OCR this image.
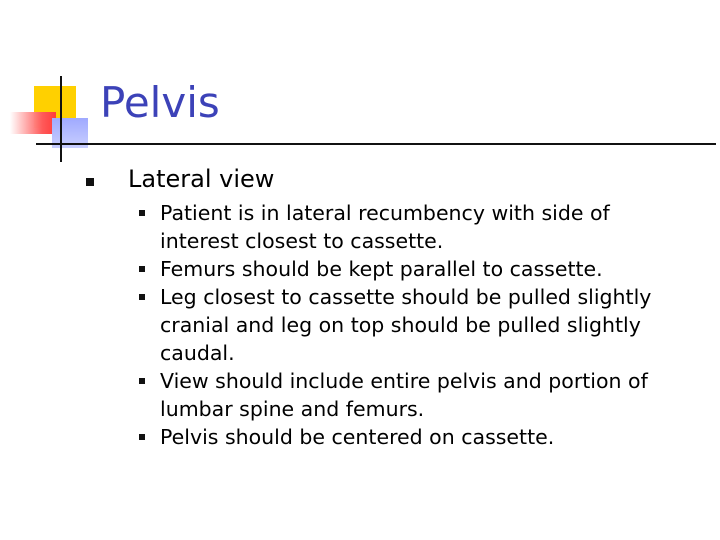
Pelvis
Lateral view
Patient is in lateral recumbency with side of interest closest to cassette.
Femurs should be kept parallel to cassette.
Leg closest to cassette should be pulled slightly cranial and leg on top should be pulled slightly caudal.
View should include entire pelvis and portion of lumbar spine and femurs.
Pelvis should be centered on cassette.
